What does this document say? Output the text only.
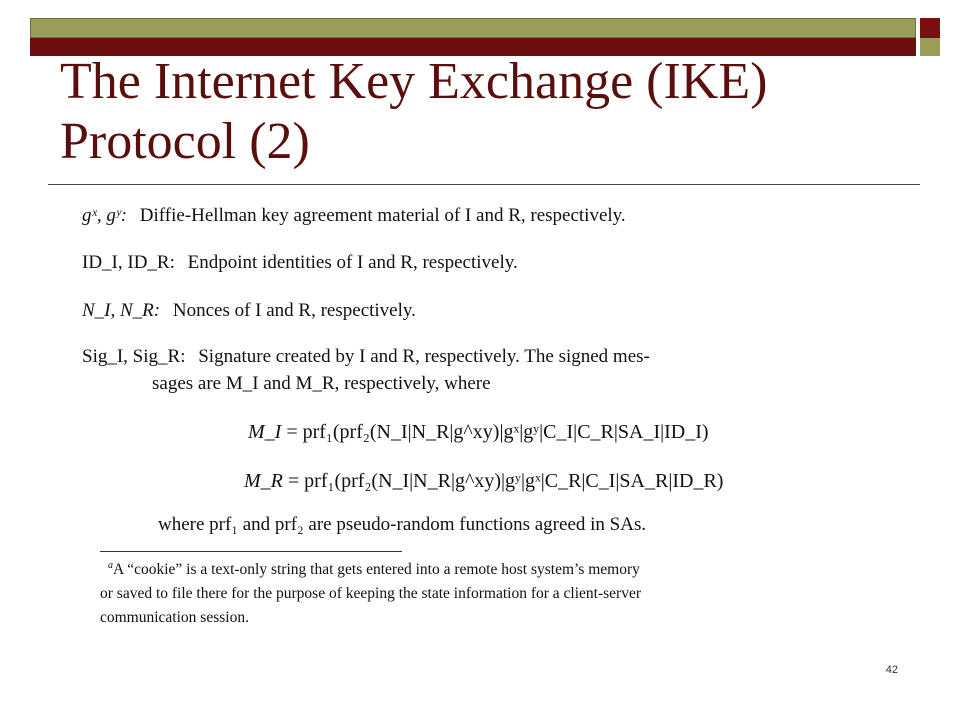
The Internet Key Exchange (IKE) Protocol (2)
gˣ, gʸ: Diffie-Hellman key agreement material of I and R, respectively.
ID_I, ID_R: Endpoint identities of I and R, respectively.
N_I, N_R: Nonces of I and R, respectively.
Sig_I, Sig_R: Signature created by I and R, respectively. The signed mes-
sages are M_I and M_R, respectively, where
M_I = prf₁(prf₂(N_I|N_R|g^xy)|gˣ|gʸ|C_I|C_R|SA_I|ID_I)
M_R = prf₁(prf₂(N_I|N_R|g^xy)|gʸ|gˣ|C_R|C_I|SA_R|ID_R)
where prf₁ and prf₂ are pseudo-random functions agreed in SAs.
$^a$A “cookie” is a text-only string that gets entered into a remote host system’s memory
or saved to file there for the purpose of keeping the state information for a client-server
communication session.
42
